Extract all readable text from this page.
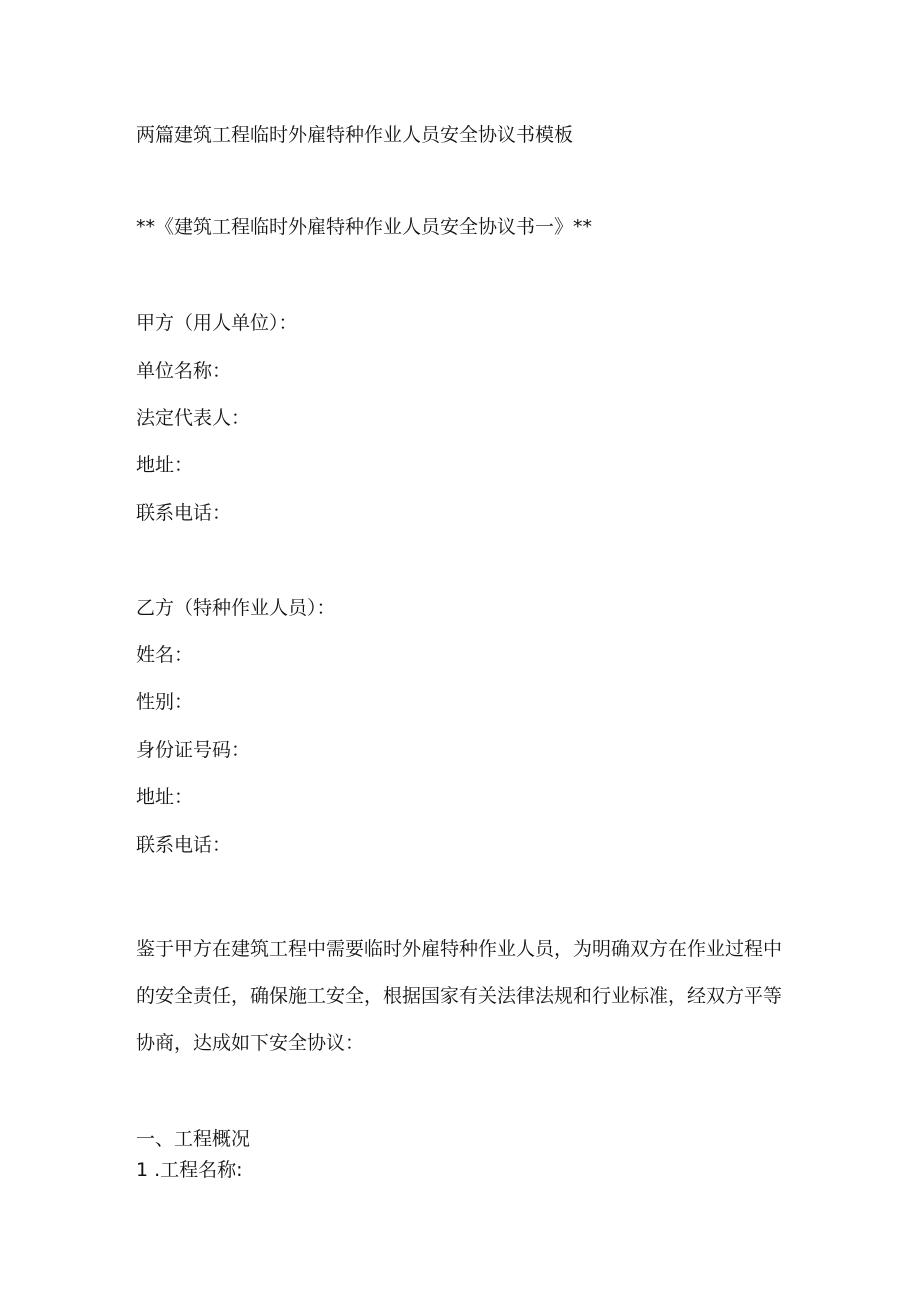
两篇建筑工程临时外雇特种作业人员安全协议书模板
**《建筑工程临时外雇特种作业人员安全协议书一》**
甲方（用人单位）：
单位名称：
法定代表人：
地址：
联系电话：
乙方（特种作业人员）：
姓名：
性别：
身份证号码：
地址：
联系电话：
鉴于甲方在建筑工程中需要临时外雇特种作业人员，为明确双方在作业过程中的安全责任，确保施工安全，根据国家有关法律法规和行业标准，经双方平等协商，达成如下安全协议：
一、工程概况
1 .工程名称:
